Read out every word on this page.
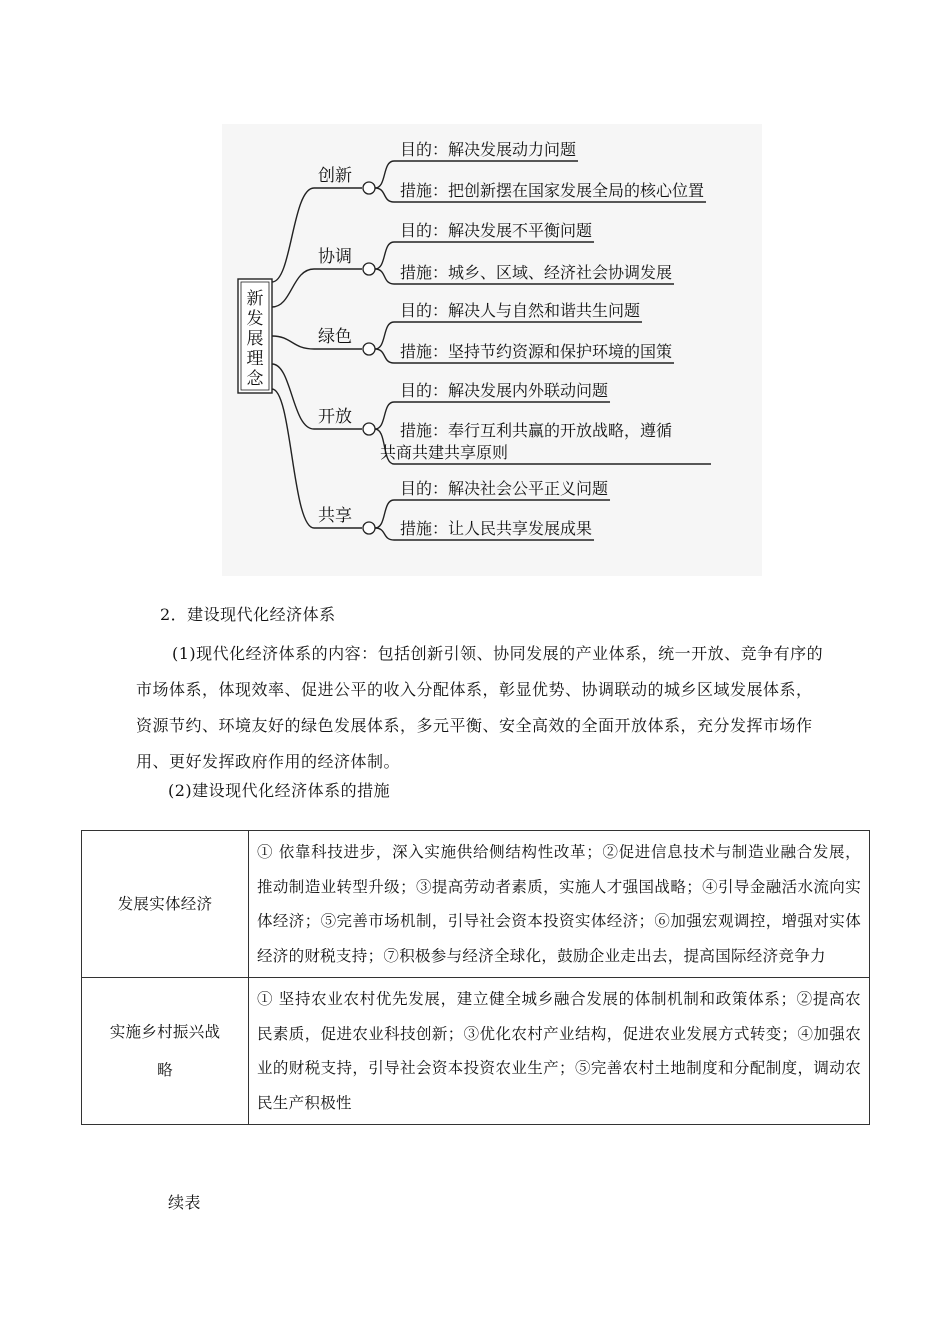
新
发
展
理
念
创新
目的：解决发展动力问题
措施：把创新摆在国家发展全局的核心位置
协调
目的：解决发展不平衡问题
措施：城乡、区域、经济社会协调发展
绿色
目的：解决人与自然和谐共生问题
措施：坚持节约资源和保护环境的国策
开放
目的：解决发展内外联动问题
措施：奉行互利共赢的开放战略，遵循
共商共建共享原则
共享
目的：解决社会公平正义问题
措施：让人民共享发展成果
2．建设现代化经济体系
(1)现代化经济体系的内容：包括创新引领、协同发展的产业体系，统一开放、竞争有序的市场体系，体现效率、促进公平的收入分配体系，彰显优势、协调联动的城乡区域发展体系，资源节约、环境友好的绿色发展体系，多元平衡、安全高效的全面开放体系，充分发挥市场作用、更好发挥政府作用的经济体制。
(2)建设现代化经济体系的措施
发展实体经济	① 依靠科技进步，深入实施供给侧结构性改革；②促进信息技术与制造业融合发展，推动制造业转型升级；③提高劳动者素质，实施人才强国战略；④引导金融活水流向实体经济；⑤完善市场机制，引导社会资本投资实体经济；⑥加强宏观调控，增强对实体经济的财税支持；⑦积极参与经济全球化，鼓励企业走出去，提高国际经济竞争力
实施乡村振兴战略	① 坚持农业农村优先发展，建立健全城乡融合发展的体制机制和政策体系；②提高农民素质，促进农业科技创新；③优化农村产业结构，促进农业发展方式转变；④加强农业的财税支持，引导社会资本投资农业生产；⑤完善农村土地制度和分配制度，调动农民生产积极性
续表
